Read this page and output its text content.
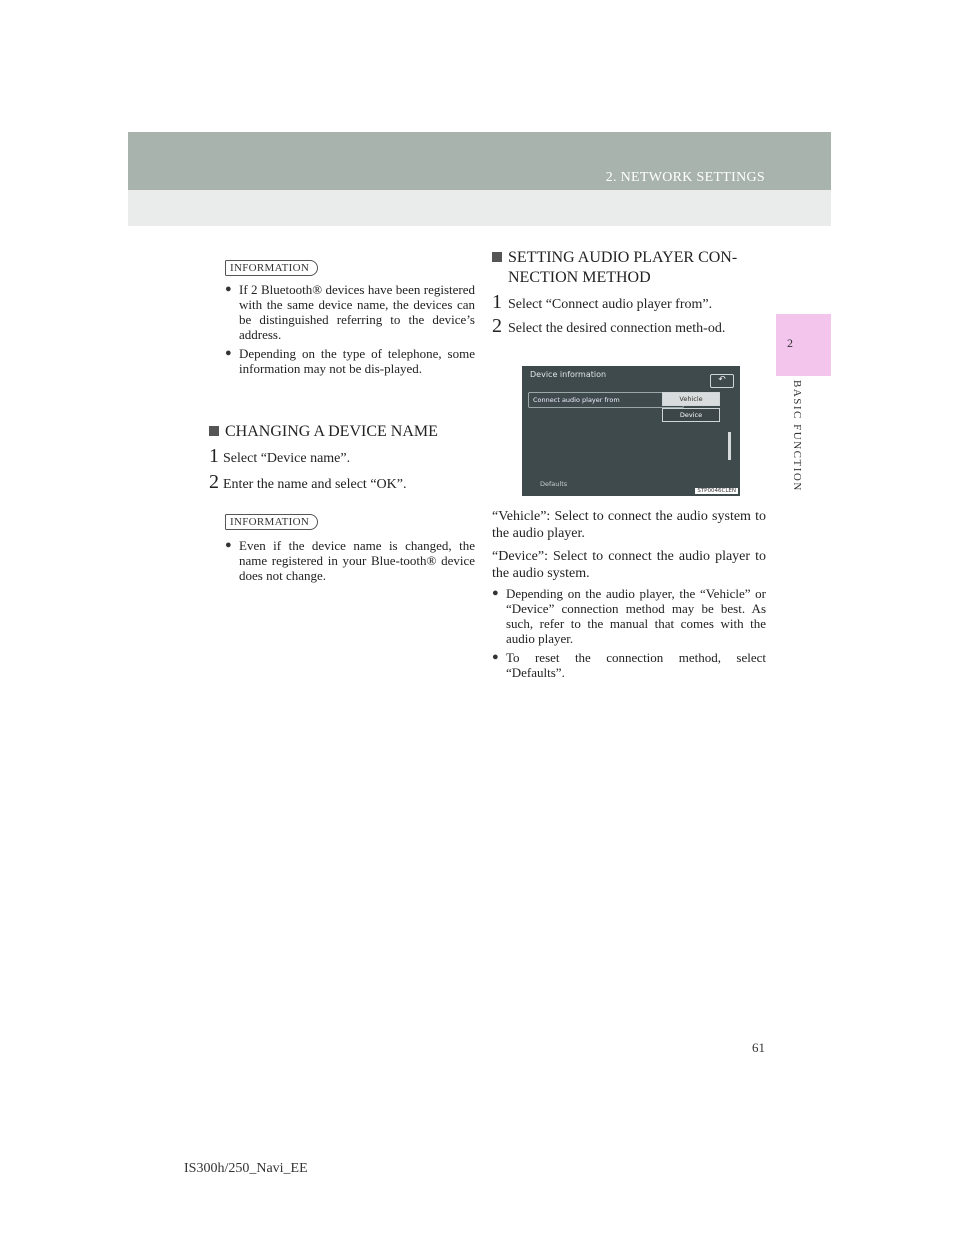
2. NETWORK SETTINGS
2
BASIC FUNCTION
INFORMATION
● If 2 Bluetooth® devices have been registered with the same device name, the devices can be distinguished referring to the device’s address.
● Depending on the type of telephone, some information may not be dis-played.
CHANGING A DEVICE NAME
1 Select “Device name”.
2 Enter the name and select “OK”.
INFORMATION
● Even if the device name is changed, the name registered in your Blue-tooth® device does not change.
SETTING AUDIO PLAYER CON-NECTION METHOD
1 Select “Connect audio player from”.
2 Select the desired connection meth-od.
Device information
↶
Connect audio player from	Vehicle
Device
Defaults
STP0046CLEN
“Vehicle”: Select to connect the audio system to the audio player.
“Device”: Select to connect the audio player to the audio system.
● Depending on the audio player, the “Vehicle” or “Device” connection method may be best. As such, refer to the manual that comes with the audio player.
● To reset the connection method, select “Defaults”.
61
IS300h/250_Navi_EE
